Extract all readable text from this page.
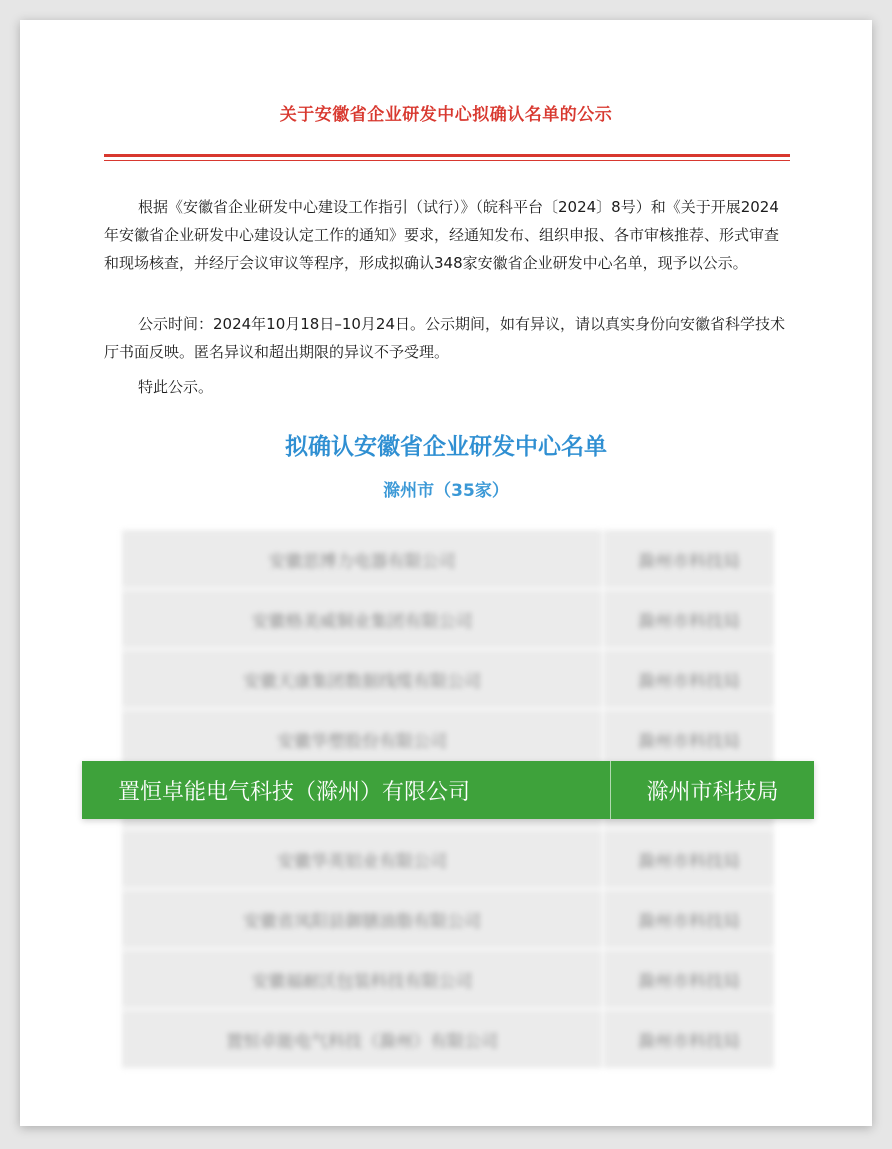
关于安徽省企业研发中心拟确认名单的公示
根据《安徽省企业研发中心建设工作指引（试行）》（皖科平台〔2024〕8号）和《关于开展2024年安徽省企业研发中心建设认定工作的通知》要求，经通知发布、组织申报、各市审核推荐、形式审查和现场核查，并经厅会议审议等程序，形成拟确认348家安徽省企业研发中心名单，现予以公示。
公示时间：2024年10月18日–10月24日。公示期间，如有异议，请以真实身份向安徽省科学技术厅书面反映。匿名异议和超出期限的异议不予受理。
特此公示。
拟确认安徽省企业研发中心名单
滁州市（35家）
安徽思博力电器有限公司	滁州市科技局
安徽格美威铜业集团有限公司	滁州市科技局
安徽天康集团数据线缆有限公司	滁州市科技局
安徽华塑股份有限公司	滁州市科技局
安徽华英铝业有限公司	滁州市科技局
安徽省凤阳县御膳油脂有限公司	滁州市科技局
安徽福耐沃包装科技有限公司	滁州市科技局
置恒卓能电气科技（滁州）有限公司	滁州市科技局
置恒卓能电气科技（滁州）有限公司	滁州市科技局
